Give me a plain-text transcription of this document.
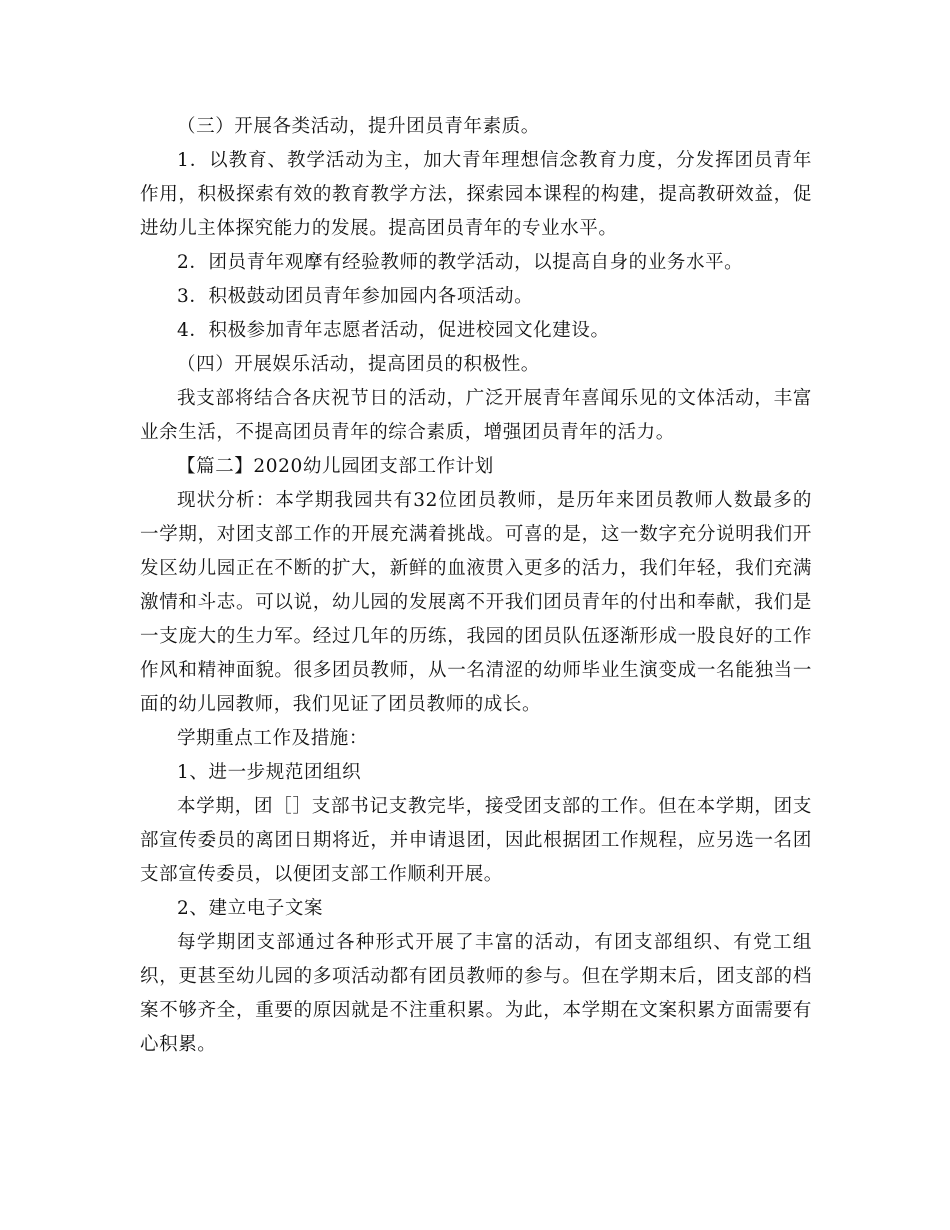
（三）开展各类活动，提升团员青年素质。

1．以教育、教学活动为主，加大青年理想信念教育力度，分发挥团员青年作用，积极探索有效的教育教学方法，探索园本课程的构建，提高教研效益，促进幼儿主体探究能力的发展。提高团员青年的专业水平。

2．团员青年观摩有经验教师的教学活动，以提高自身的业务水平。

3．积极鼓动团员青年参加园内各项活动。

4．积极参加青年志愿者活动，促进校园文化建设。

（四）开展娱乐活动，提高团员的积极性。

我支部将结合各庆祝节日的活动，广泛开展青年喜闻乐见的文体活动，丰富业余生活，不提高团员青年的综合素质，增强团员青年的活力。

【篇二】2020幼儿园团支部工作计划

现状分析：本学期我园共有32位团员教师，是历年来团员教师人数最多的一学期，对团支部工作的开展充满着挑战。可喜的是，这一数字充分说明我们开发区幼儿园正在不断的扩大，新鲜的血液贯入更多的活力，我们年轻，我们充满激情和斗志。可以说，幼儿园的发展离不开我们团员青年的付出和奉献，我们是一支庞大的生力军。经过几年的历练，我园的团员队伍逐渐形成一股良好的工作作风和精神面貌。很多团员教师，从一名清涩的幼师毕业生演变成一名能独当一面的幼儿园教师，我们见证了团员教师的成长。

学期重点工作及措施：

1、进一步规范团组织

本学期，团［］支部书记支教完毕，接受团支部的工作。但在本学期，团支部宣传委员的离团日期将近，并申请退团，因此根据团工作规程，应另选一名团支部宣传委员，以便团支部工作顺利开展。

2、建立电子文案

每学期团支部通过各种形式开展了丰富的活动，有团支部组织、有党工组织，更甚至幼儿园的多项活动都有团员教师的参与。但在学期末后，团支部的档案不够齐全，重要的原因就是不注重积累。为此，本学期在文案积累方面需要有心积累。
